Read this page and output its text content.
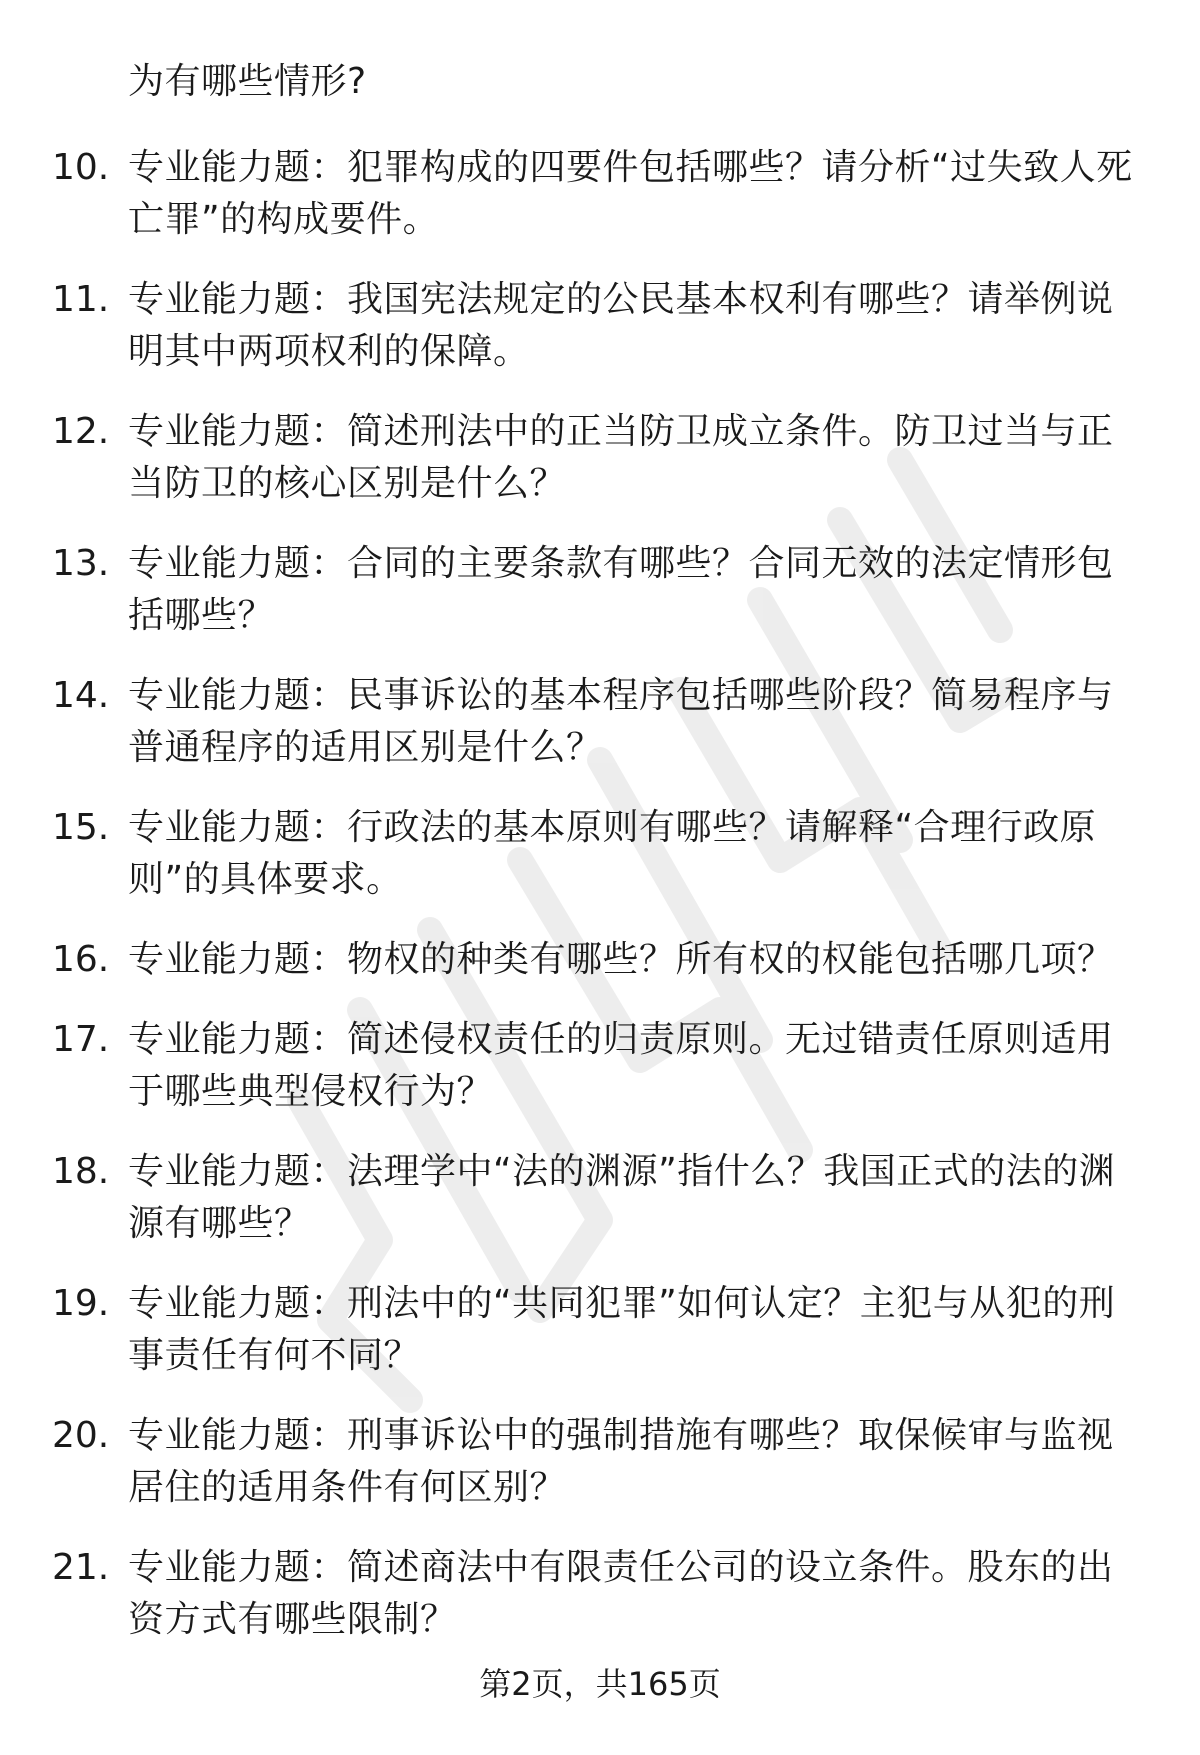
为有哪些情形?
10. 专业能力题：犯罪构成的四要件包括哪些？请分析“过失致人死亡罪”的构成要件。
11. 专业能力题：我国宪法规定的公民基本权利有哪些？请举例说明其中两项权利的保障。
12. 专业能力题：简述刑法中的正当防卫成立条件。防卫过当与正当防卫的核心区别是什么？
13. 专业能力题：合同的主要条款有哪些？合同无效的法定情形包括哪些？
14. 专业能力题：民事诉讼的基本程序包括哪些阶段？简易程序与普通程序的适用区别是什么？
15. 专业能力题：行政法的基本原则有哪些？请解释“合理行政原则”的具体要求。
16. 专业能力题：物权的种类有哪些？所有权的权能包括哪几项？
17. 专业能力题：简述侵权责任的归责原则。无过错责任原则适用于哪些典型侵权行为？
18. 专业能力题：法理学中“法的渊源”指什么？我国正式的法的渊源有哪些？
19. 专业能力题：刑法中的“共同犯罪”如何认定？主犯与从犯的刑事责任有何不同？
20. 专业能力题：刑事诉讼中的强制措施有哪些？取保候审与监视居住的适用条件有何区别？
21. 专业能力题：简述商法中有限责任公司的设立条件。股东的出资方式有哪些限制？
第2页，共165页
